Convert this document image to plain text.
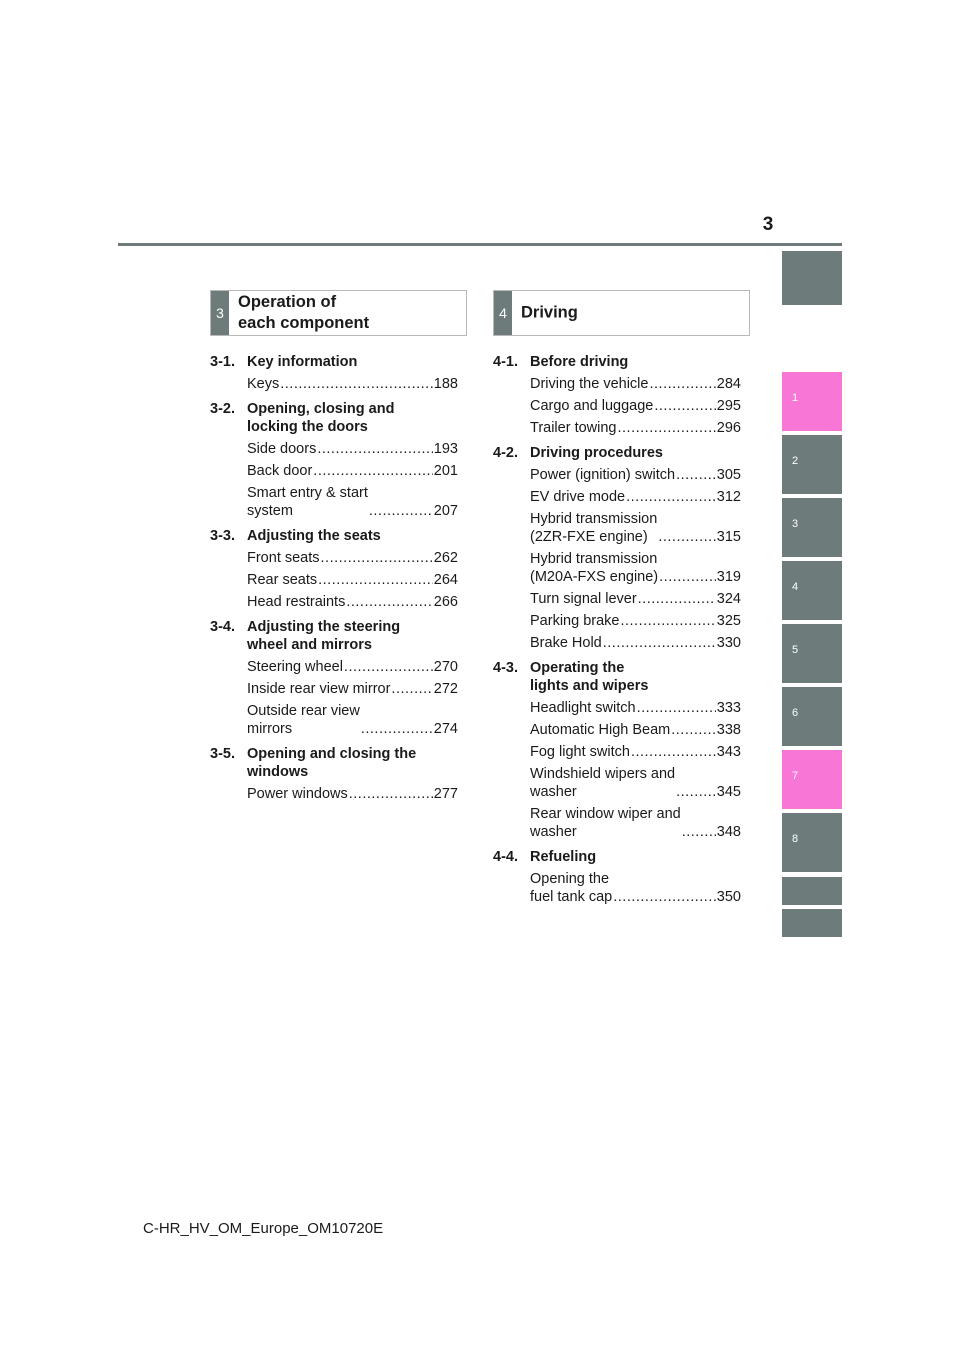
3
1
2
3
4
5
6
7
8
3
Operation of
each component
4 Driving
3-1. Key information
Keys .....	188
3-2. Opening, closing and
locking the doors
Side doors .....	193
Back door .....	201
Smart entry & start
system .....	207
3-3. Adjusting the seats
Front seats .....	262
Rear seats .....	264
Head restraints .....	266
3-4. Adjusting the steering
wheel and mirrors
Steering wheel .....	270
Inside rear view mirror .....	272
Outside rear view
mirrors .....	274
3-5. Opening and closing the
windows
Power windows .....	277
4-1. Before driving
Driving the vehicle .....	284
Cargo and luggage .....	295
Trailer towing .....	296
4-2. Driving procedures
Power (ignition) switch .....	305
EV drive mode .....	312
Hybrid transmission
(2ZR-FXE engine) .....	315
Hybrid transmission
(M20A-FXS engine) .....	319
Turn signal lever .....	324
Parking brake .....	325
Brake Hold .....	330
4-3. Operating the
lights and wipers
Headlight switch .....	333
Automatic High Beam .....	338
Fog light switch .....	343
Windshield wipers and
washer .....	345
Rear window wiper and
washer .....	348
4-4. Refueling
Opening the
fuel tank cap .....	350
C-HR_HV_OM_Europe_OM10720E
